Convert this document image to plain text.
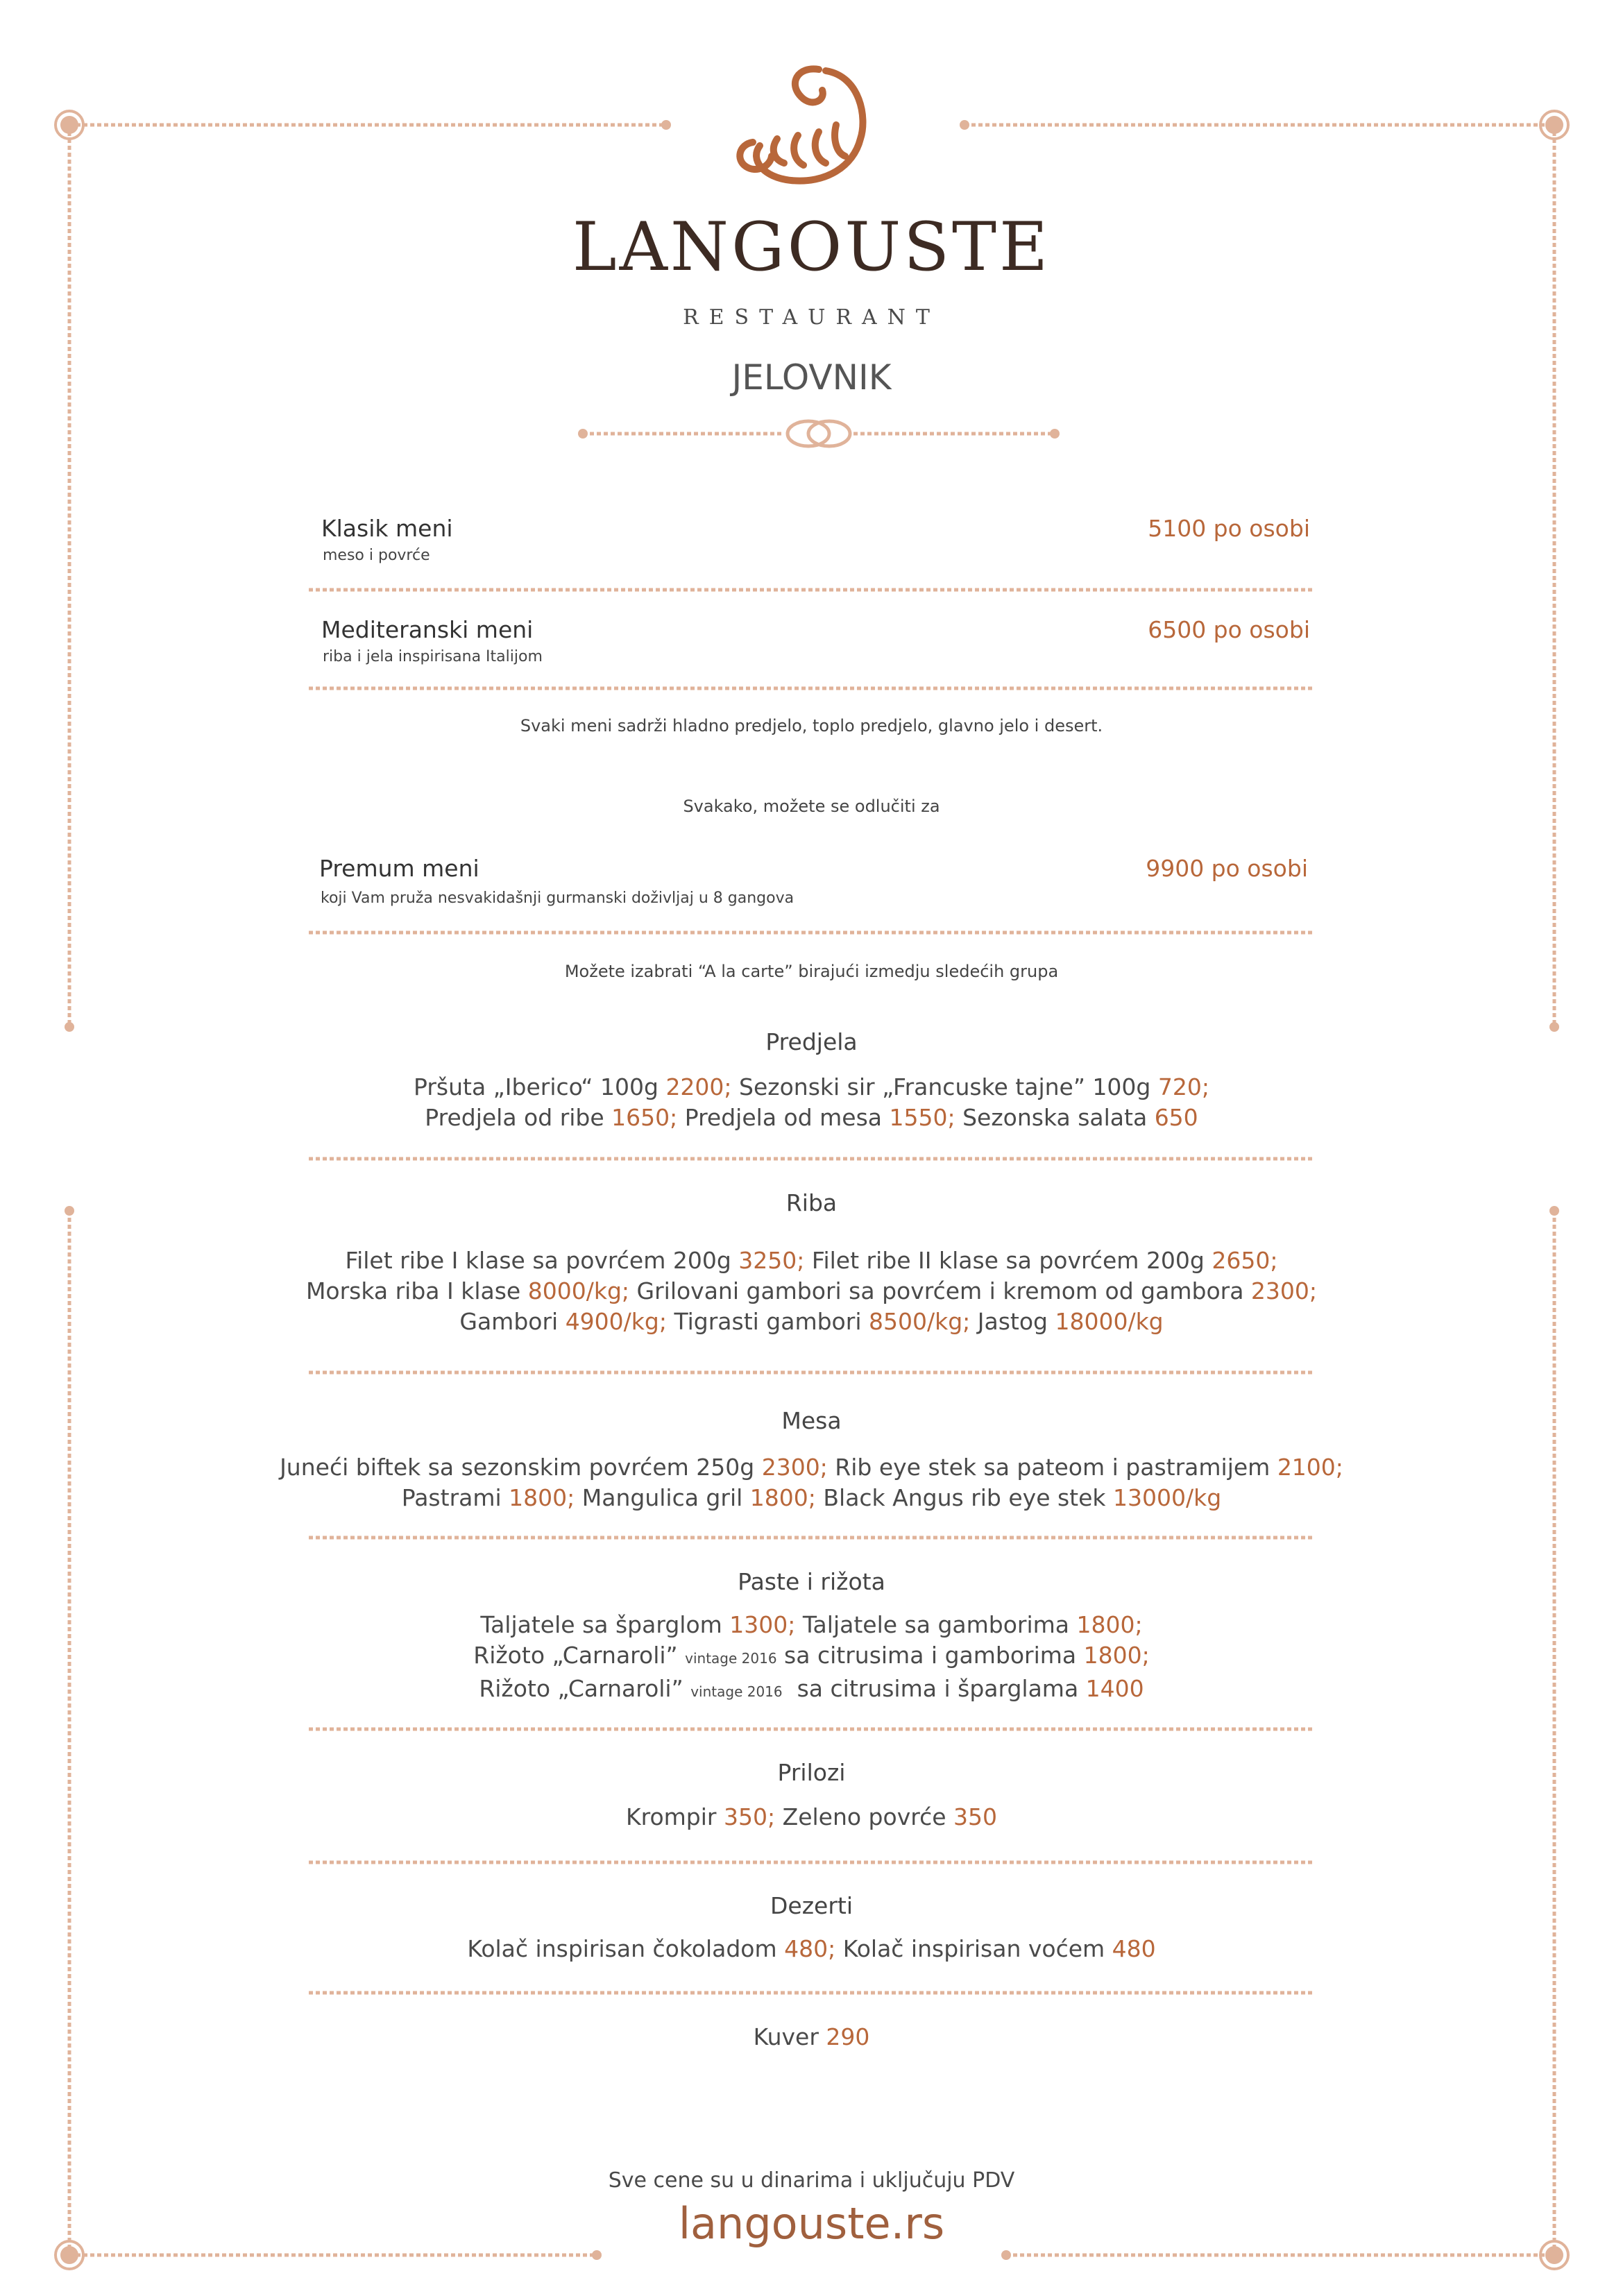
LANGOUSTE
RESTAURANT
JELOVNIK
Klasik meni
meso i povrće
5100 po osobi
Mediteranski meni
riba i jela inspirisana Italijom
6500 po osobi
Svaki meni sadrži hladno predjelo, toplo predjelo, glavno jelo i desert.
Svakako, možete se odlučiti za
Premum meni
koji Vam pruža nesvakidašnji gurmanski doživljaj u 8 gangova
9900 po osobi
Možete izabrati “A la carte” birajući izmedju sledećih grupa
Predjela
Pršuta „Iberico“ 100g 2200; Sezonski sir „Francuske tajne” 100g 720;
Predjela od ribe 1650; Predjela od mesa 1550; Sezonska salata 650
Riba
Filet ribe I klase sa povrćem 200g 3250; Filet ribe II klase sa povrćem 200g 2650;
Morska riba I klase 8000/kg; Grilovani gambori sa povrćem i kremom od gambora 2300;
Gambori 4900/kg; Tigrasti gambori 8500/kg; Jastog 18000/kg
Mesa
Juneći biftek sa sezonskim povrćem 250g 2300; Rib eye stek sa pateom i pastramijem 2100;
Pastrami 1800; Mangulica gril 1800; Black Angus rib eye stek 13000/kg
Paste i rižota
Taljatele sa šparglom 1300; Taljatele sa gamborima 1800;
Rižoto „Carnaroli” vintage 2016 sa citrusima i gamborima 1800;
Rižoto „Carnaroli” vintage 2016  sa citrusima i šparglama 1400
Prilozi
Krompir 350; Zeleno povrće 350
Dezerti
Kolač inspirisan čokoladom 480; Kolač inspirisan voćem 480
Kuver 290
Sve cene su u dinarima i uključuju PDV
langouste.rs
